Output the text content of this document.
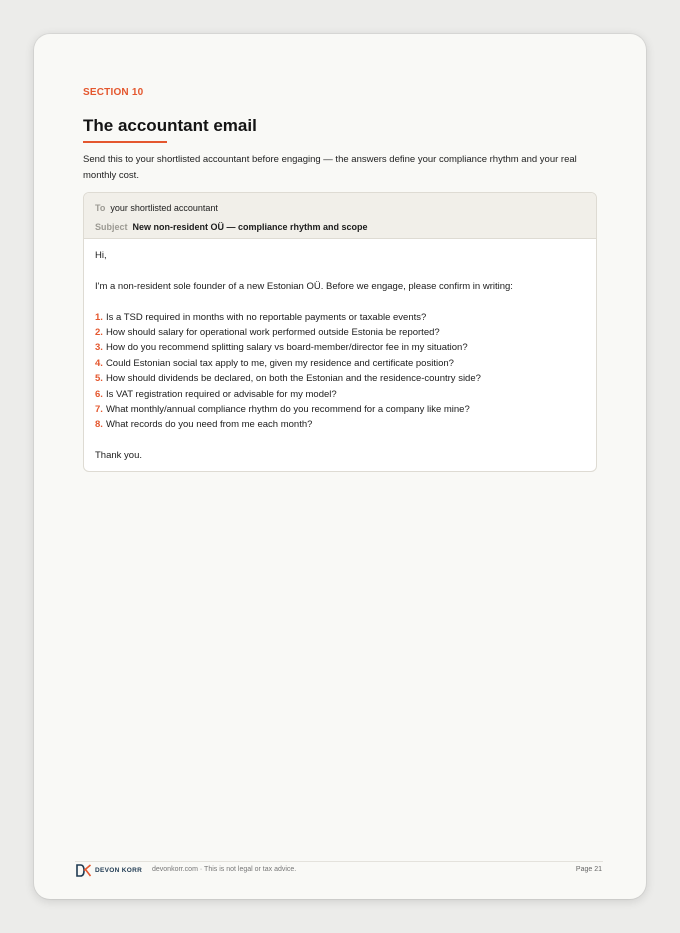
SECTION 10
The accountant email

Send this to your shortlisted accountant before engaging — the answers define your compliance rhythm and your real monthly cost.

To your shortlisted accountant
Subject New non-resident OÜ — compliance rhythm and scope

Hi,

I'm a non-resident sole founder of a new Estonian OÜ. Before we engage, please confirm in writing:

1. Is a TSD required in months with no reportable payments or taxable events?
2. How should salary for operational work performed outside Estonia be reported?
3. How do you recommend splitting salary vs board-member/director fee in my situation?
4. Could Estonian social tax apply to me, given my residence and certificate position?
5. How should dividends be declared, on both the Estonian and the residence-country side?
6. Is VAT registration required or advisable for my model?
7. What monthly/annual compliance rhythm do you recommend for a company like mine?
8. What records do you need from me each month?

Thank you.

DEVON KORR devonkorr.com · This is not legal or tax advice.	Page 21
